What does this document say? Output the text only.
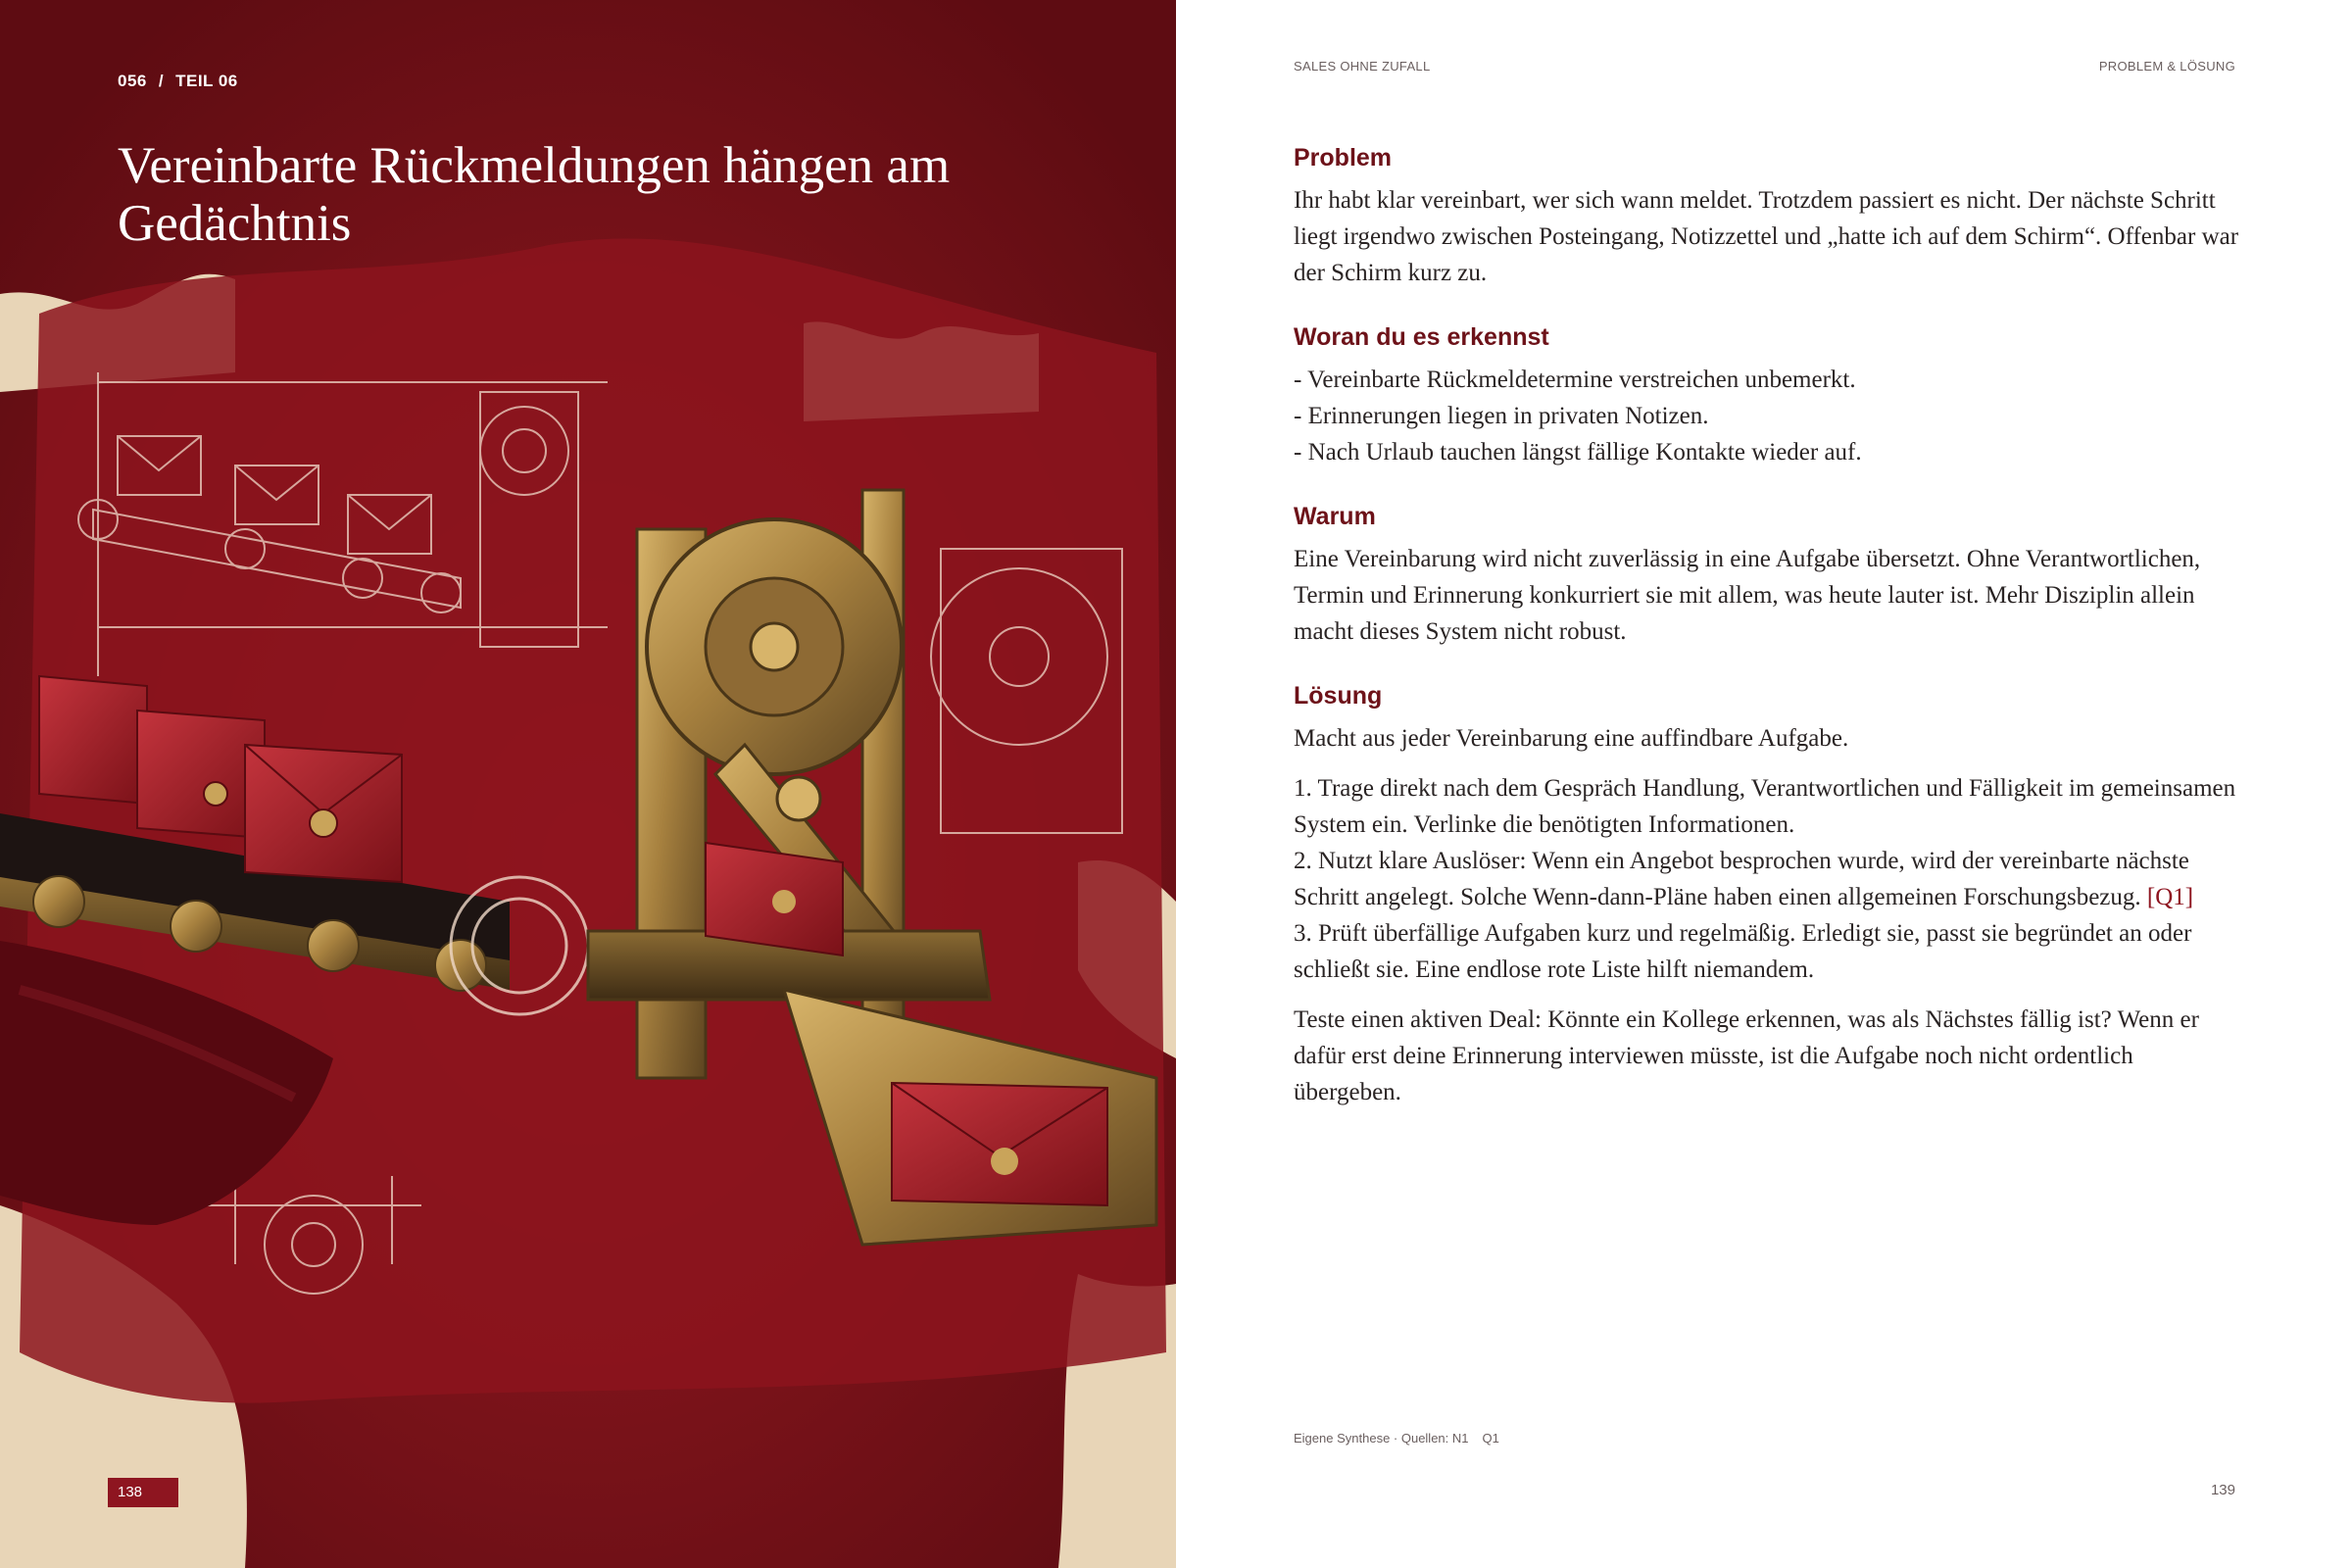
056 / TEIL 06
Vereinbarte Rückmeldungen hängen am Gedächtnis
138
SALES OHNE ZUFALL	PROBLEM & LÖSUNG
Problem

Ihr habt klar vereinbart, wer sich wann meldet. Trotzdem passiert es nicht. Der nächste Schritt liegt irgendwo zwischen Posteingang, Notizzettel und „hatte ich auf dem Schirm“. Offenbar war der Schirm kurz zu.

Woran du es erkennst

- Vereinbarte Rückmeldetermine verstreichen unbemerkt.

- Erinnerungen liegen in privaten Notizen.

- Nach Urlaub tauchen längst fällige Kontakte wieder auf.

Warum

Eine Vereinbarung wird nicht zuverlässig in eine Aufgabe übersetzt. Ohne Verantwortlichen, Termin und Erinnerung konkurriert sie mit allem, was heute lauter ist. Mehr Disziplin allein macht dieses System nicht robust.

Lösung

Macht aus jeder Vereinbarung eine auffindbare Aufgabe.

1. Trage direkt nach dem Gespräch Handlung, Verantwortlichen und Fälligkeit im gemeinsamen System ein. Verlinke die benötigten Informationen.

2. Nutzt klare Auslöser: Wenn ein Angebot besprochen wurde, wird der vereinbarte nächste Schritt angelegt. Solche Wenn-dann-Pläne haben einen allgemeinen Forschungsbezug. [Q1]

3. Prüft überfällige Aufgaben kurz und regelmäßig. Erledigt sie, passt sie begründet an oder schließt sie. Eine endlose rote Liste hilft niemandem.

Teste einen aktiven Deal: Könnte ein Kollege erkennen, was als Nächstes fällig ist? Wenn er dafür erst deine Erinnerung interviewen müsste, ist die Aufgabe noch nicht ordentlich übergeben.

Eigene Synthese · Quellen: N1 Q1
139
